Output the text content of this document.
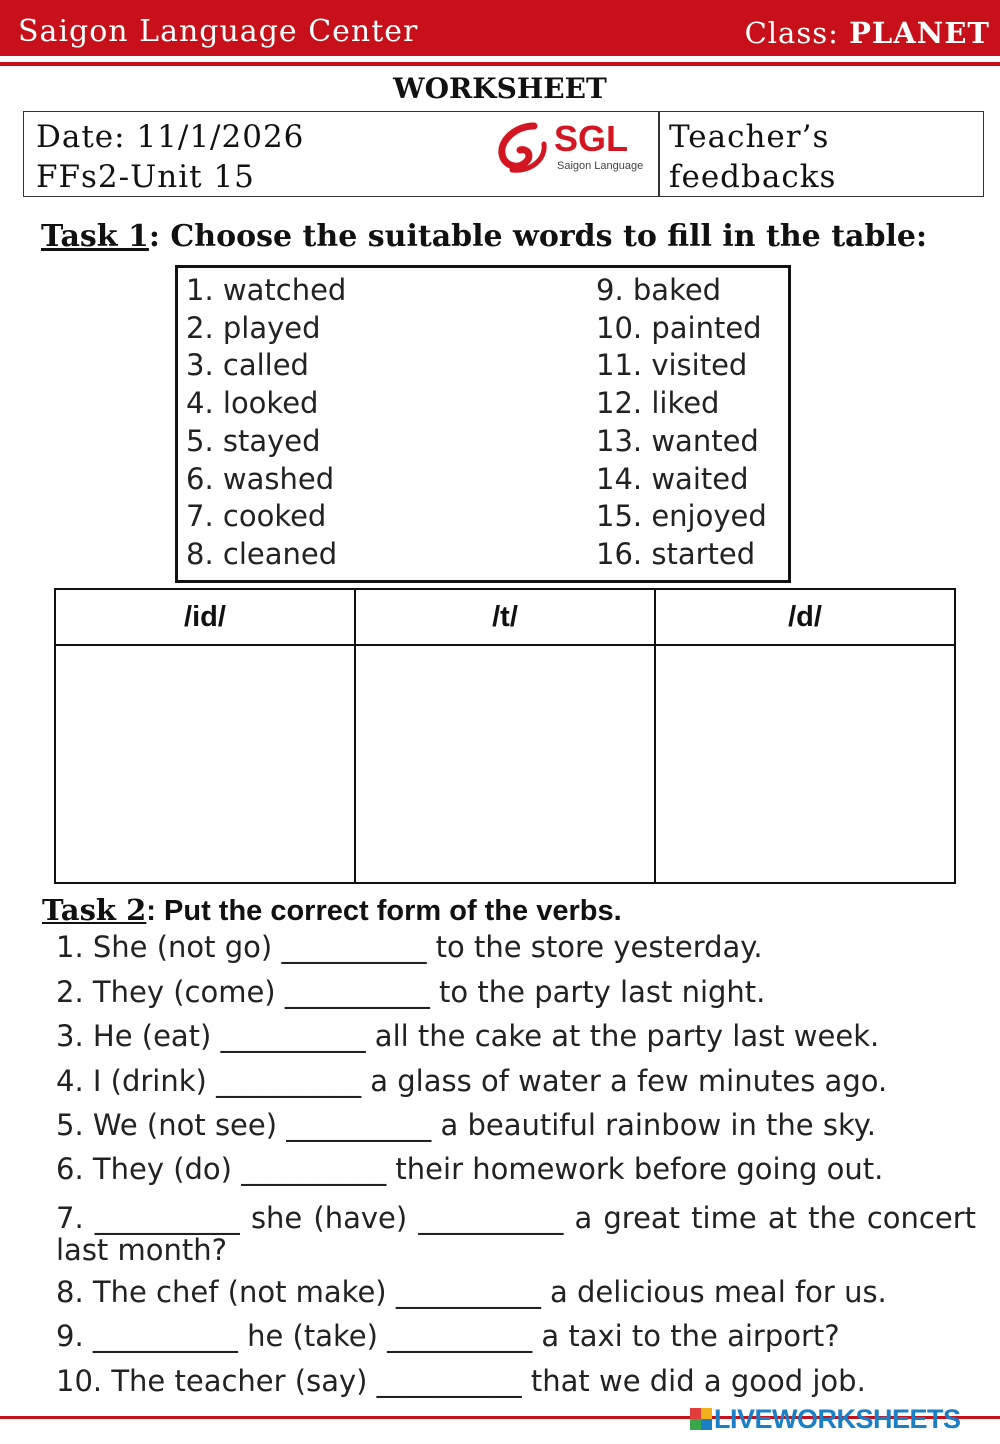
Saigon Language Center	Class: PLANET
WORKSHEET
Date: 11/1/2026
FFs2-Unit 15
SGL
Saigon Language
Teacher’s
feedbacks
Task 1: Choose the suitable words to fill in the table:
1. watched
2. played
3. called
4. looked
5. stayed
6. washed
7. cooked
8. cleaned
9. baked
10. painted
11. visited
12. liked
13. wanted
14. waited
15. enjoyed
16. started
/id/	/t/	/d/

Task 2: Put the correct form of the verbs.
1. She (not go) __________ to the store yesterday.
2. They (come) __________ to the party last night.
3. He (eat) __________ all the cake at the party last week.
4. I (drink) __________ a glass of water a few minutes ago.
5. We (not see) __________ a beautiful rainbow in the sky.
6. They (do) __________ their homework before going out.
7. __________ she (have) __________ a great time at the concert last month?
8. The chef (not make) __________ a delicious meal for us.
9. __________ he (take) __________ a taxi to the airport?
10. The teacher (say) __________ that we did a good job.
LIVEWORKSHEETS
